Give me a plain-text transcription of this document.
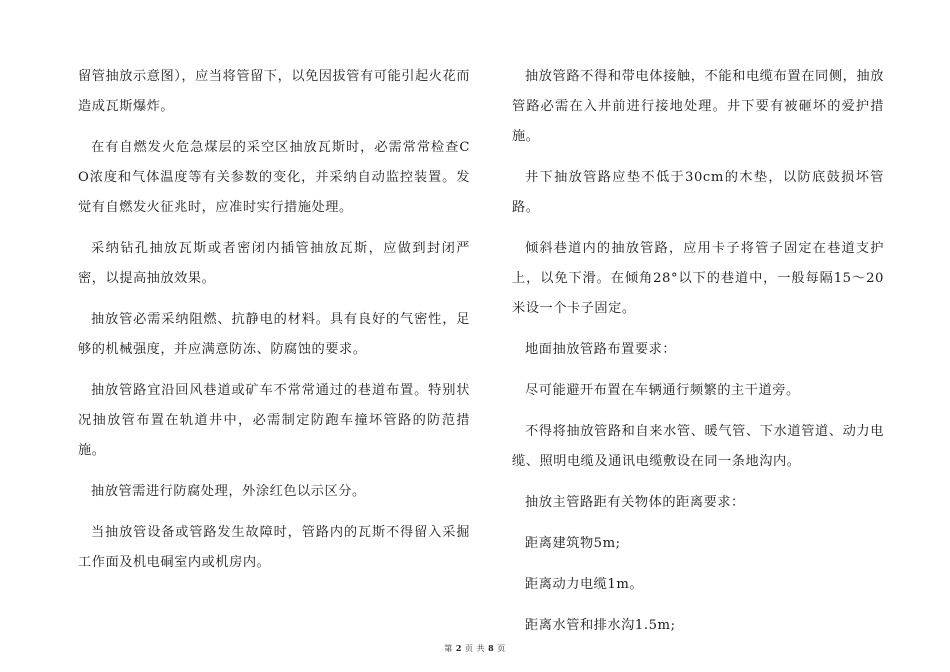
留管抽放示意图），应当将管留下，以免因拔管有可能引起火花而造成瓦斯爆炸。

在有自燃发火危急煤层的采空区抽放瓦斯时，必需常常检查CO浓度和气体温度等有关参数的变化，并采纳自动监控装置。发觉有自燃发火征兆时，应准时实行措施处理。

采纳钻孔抽放瓦斯或者密闭内插管抽放瓦斯，应做到封闭严密，以提高抽放效果。

抽放管必需采纳阻燃、抗静电的材料。具有良好的气密性，足够的机械强度，并应满意防冻、防腐蚀的要求。

抽放管路宜沿回风巷道或矿车不常常通过的巷道布置。特别状况抽放管布置在轨道井中，必需制定防跑车撞坏管路的防范措施。

抽放管需进行防腐处理，外涂红色以示区分。

当抽放管设备或管路发生故障时，管路内的瓦斯不得留入采掘工作面及机电硐室内或机房内。

抽放管路不得和带电体接触，不能和电缆布置在同侧，抽放管路必需在入井前进行接地处理。井下要有被砸坏的爱护措施。

井下抽放管路应垫不低于30cm的木垫，以防底鼓损坏管路。

倾斜巷道内的抽放管路，应用卡子将管子固定在巷道支护上，以免下滑。在倾角28°以下的巷道中，一般每隔15～20米设一个卡子固定。

地面抽放管路布置要求：

尽可能避开布置在车辆通行频繁的主干道旁。

不得将抽放管路和自来水管、暖气管、下水道管道、动力电缆、照明电缆及通讯电缆敷设在同一条地沟内。

抽放主管路距有关物体的距离要求：

距离建筑物5m;

距离动力电缆1m。

距离水管和排水沟1.5m;

第 2 页 共 8 页
